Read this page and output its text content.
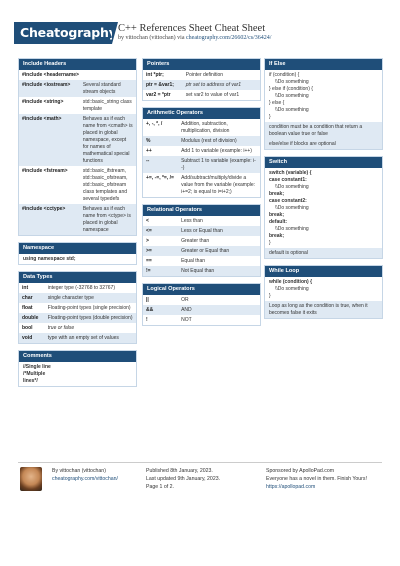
Cheatography C++ References Sheet Cheat Sheet
by vittochan (vittochan) via cheatography.com/26602/cs/36424/
Include Headers
#include <headername>	
#include <iostream>	Several standard stream objects
#include <string>	std::basic_string class template
#include <math>	Behaves as if each name from <cmath> is placed in global namespace, except for names of mathematical special functions
#include <fstream>	std::basic_ifstream, std::basic_ofstream, std::basic_ofstream class templates and several typedefs
#include <cctype>	Behaves as if each name from <ctype> is placed in global namespace
Namespace
using namespace std;
Data Types
int	integer type (-32768 to 32767)
char	single character type
float	Floating-point types (single precision)
double	Floating-point types (double precision)
bool	true or false
void	type with an empty set of values
Comments
//Single line
/*Multiple
lines*/
Pointers
int *ptr;	Pointer definition
ptr = &var1;	ptr set to address of var1
var2 = *ptr	set var2 to value of var1
Arithmetic Operators
+, -, *, /	Addition, subtraction, multiplication, division
%	Modulus (rest of division)
++	Add 1 to variable (example: i++)
--	Subtract 1 to variable (example: i--)
+=, -=, *=, /=	Add/subtract/multiply/divide a value from the variable (example: i+=2; is equal to i=i+2;)
Relational Operators
<	Less than
<=	Less or Equal than
>	Greater than
>=	Greater or Equal than
==	Equal than
!=	Not Equal than
Logical Operators
||	OR
&&	AND
!	NOT
If Else
if (condition) {
\\Do something
} else if (condition) {
\\Do something
} else {
\\Do something
}
condition must be a condition that return a boolean value true or false
else/else if blocks are optional
Switch
switch (variable) {
case constant1:
\\Do something
break;
case constant2:
\\Do something
break;
default:
\\Do something
break;
}
default is optional
While Loop
while (condition) {
\\Do something
}
Loop as long as the condition is true, when it becomes false it exits
By vittochan (vittochan)
cheatography.com/vittochan/
Published 8th January, 2023.
Last updated 9th January, 2023.
Page 1 of 2.
Sponsored by ApolloPad.com
Everyone has a novel in them. Finish Yours!
https://apollopad.com
